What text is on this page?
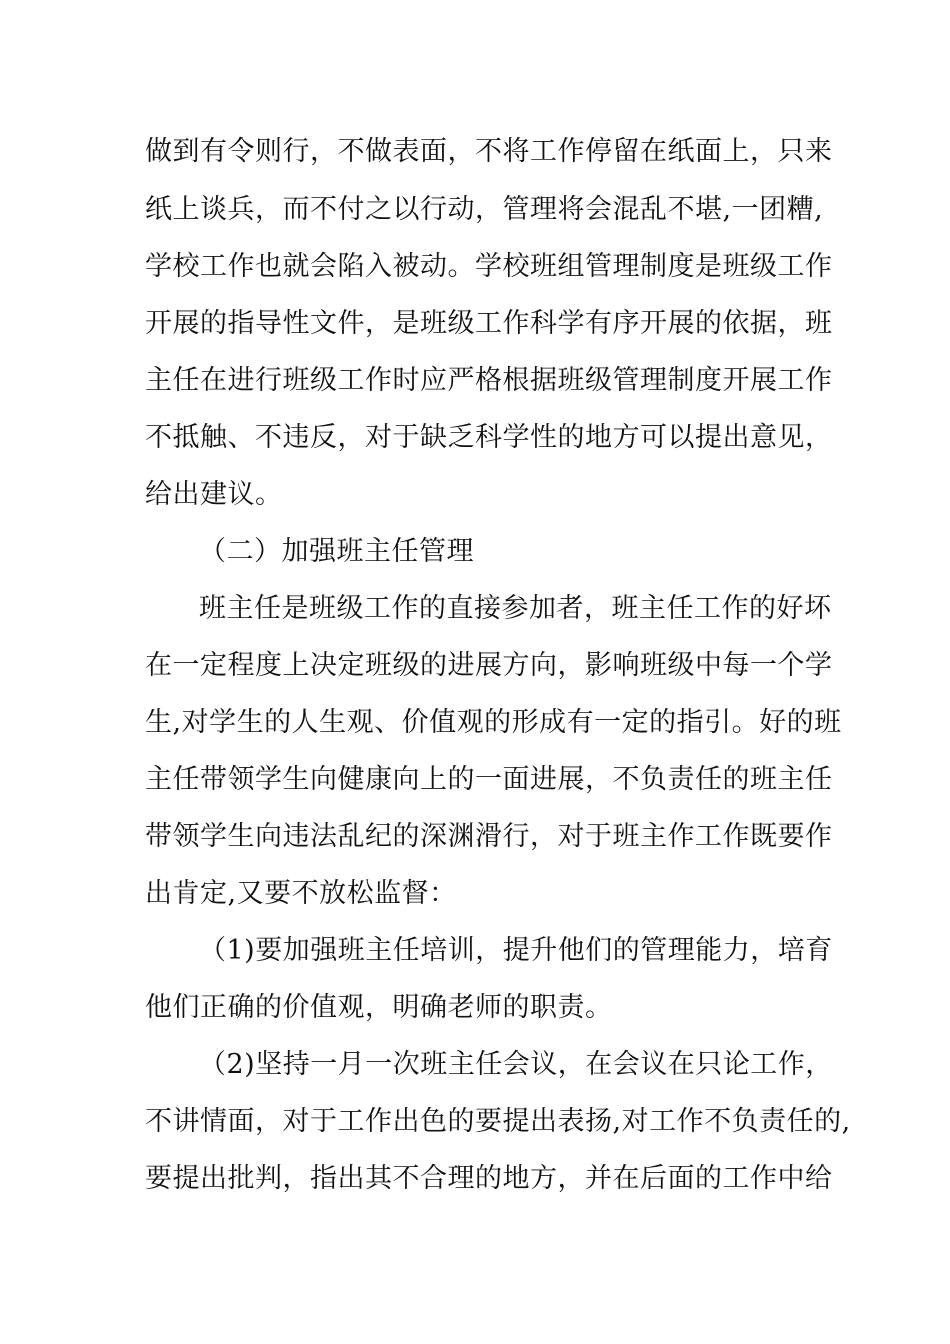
做到有令则行，不做表面，不将工作停留在纸面上，只来
纸上谈兵，而不付之以行动，管理将会混乱不堪,一团糟,
学校工作也就会陷入被动。学校班组管理制度是班级工作
开展的指导性文件，是班级工作科学有序开展的依据，班
主任在进行班级工作时应严格根据班级管理制度开展工作
不抵触、不违反，对于缺乏科学性的地方可以提出意见，
给出建议。
（二）加强班主任管理
班主任是班级工作的直接参加者，班主任工作的好坏
在一定程度上决定班级的进展方向，影响班级中每一个学
生,对学生的人生观、价值观的形成有一定的指引。好的班
主任带领学生向健康向上的一面进展，不负责任的班主任
带领学生向违法乱纪的深渊滑行，对于班主作工作既要作
出肯定,又要不放松监督：
（1)要加强班主任培训，提升他们的管理能力，培育
他们正确的价值观，明确老师的职责。
（2)坚持一月一次班主任会议，在会议在只论工作，
不讲情面，对于工作出色的要提出表扬,对工作不负责任的,
要提出批判，指出其不合理的地方，并在后面的工作中给
